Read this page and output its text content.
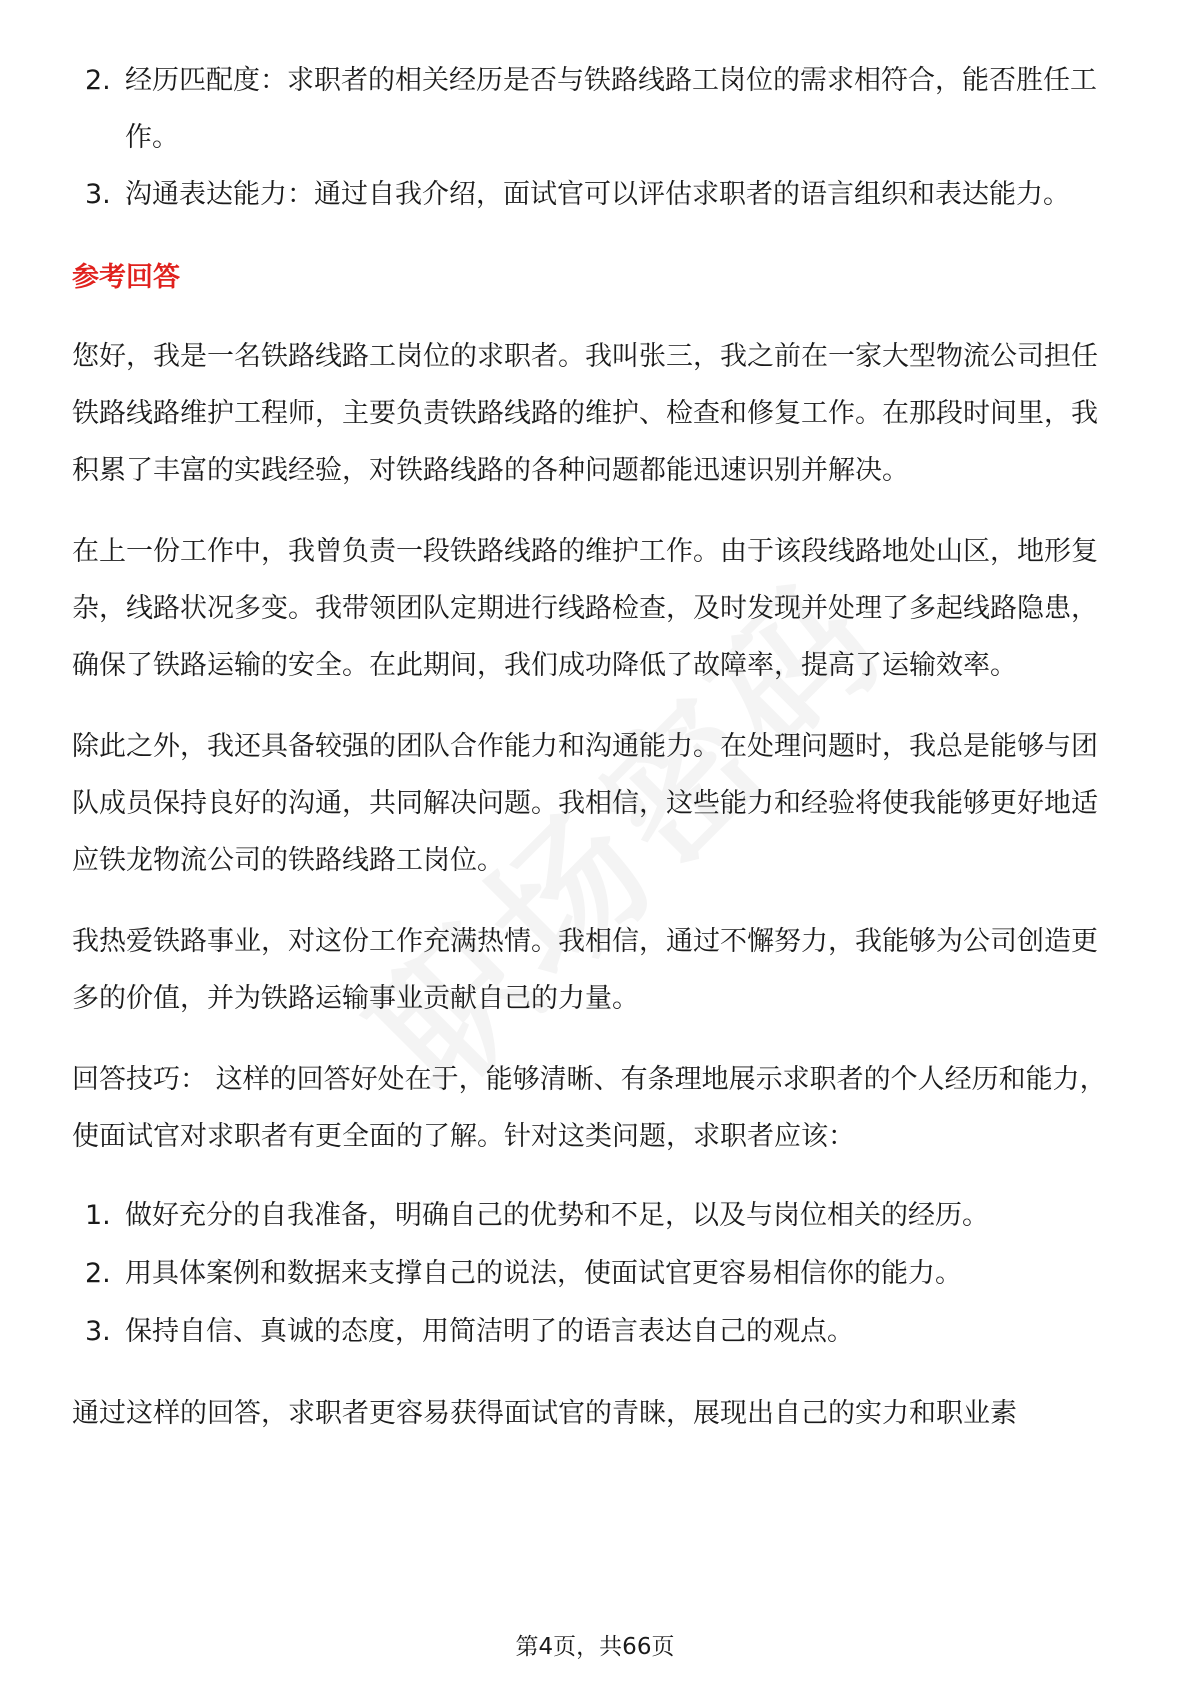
2. 经历匹配度：求职者的相关经历是否与铁路线路工岗位的需求相符合，能否胜任工作。
3. 沟通表达能力：通过自我介绍，面试官可以评估求职者的语言组织和表达能力。
参考回答

您好，我是一名铁路线路工岗位的求职者。我叫张三，我之前在一家大型物流公司担任铁路线路维护工程师，主要负责铁路线路的维护、检查和修复工作。在那段时间里，我积累了丰富的实践经验，对铁路线路的各种问题都能迅速识别并解决。

在上一份工作中，我曾负责一段铁路线路的维护工作。由于该段线路地处山区，地形复杂，线路状况多变。我带领团队定期进行线路检查，及时发现并处理了多起线路隐患，确保了铁路运输的安全。在此期间，我们成功降低了故障率，提高了运输效率。

除此之外，我还具备较强的团队合作能力和沟通能力。在处理问题时，我总是能够与团队成员保持良好的沟通，共同解决问题。我相信，这些能力和经验将使我能够更好地适应铁龙物流公司的铁路线路工岗位。

我热爱铁路事业，对这份工作充满热情。我相信，通过不懈努力，我能够为公司创造更多的价值，并为铁路运输事业贡献自己的力量。

回答技巧： 这样的回答好处在于，能够清晰、有条理地展示求职者的个人经历和能力，使面试官对求职者有更全面的了解。针对这类问题，求职者应该：

1. 做好充分的自我准备，明确自己的优势和不足，以及与岗位相关的经历。
2. 用具体案例和数据来支撑自己的说法，使面试官更容易相信你的能力。
3. 保持自信、真诚的态度，用简洁明了的语言表达自己的观点。

通过这样的回答，求职者更容易获得面试官的青睐，展现出自己的实力和职业素

第4页，共66页
